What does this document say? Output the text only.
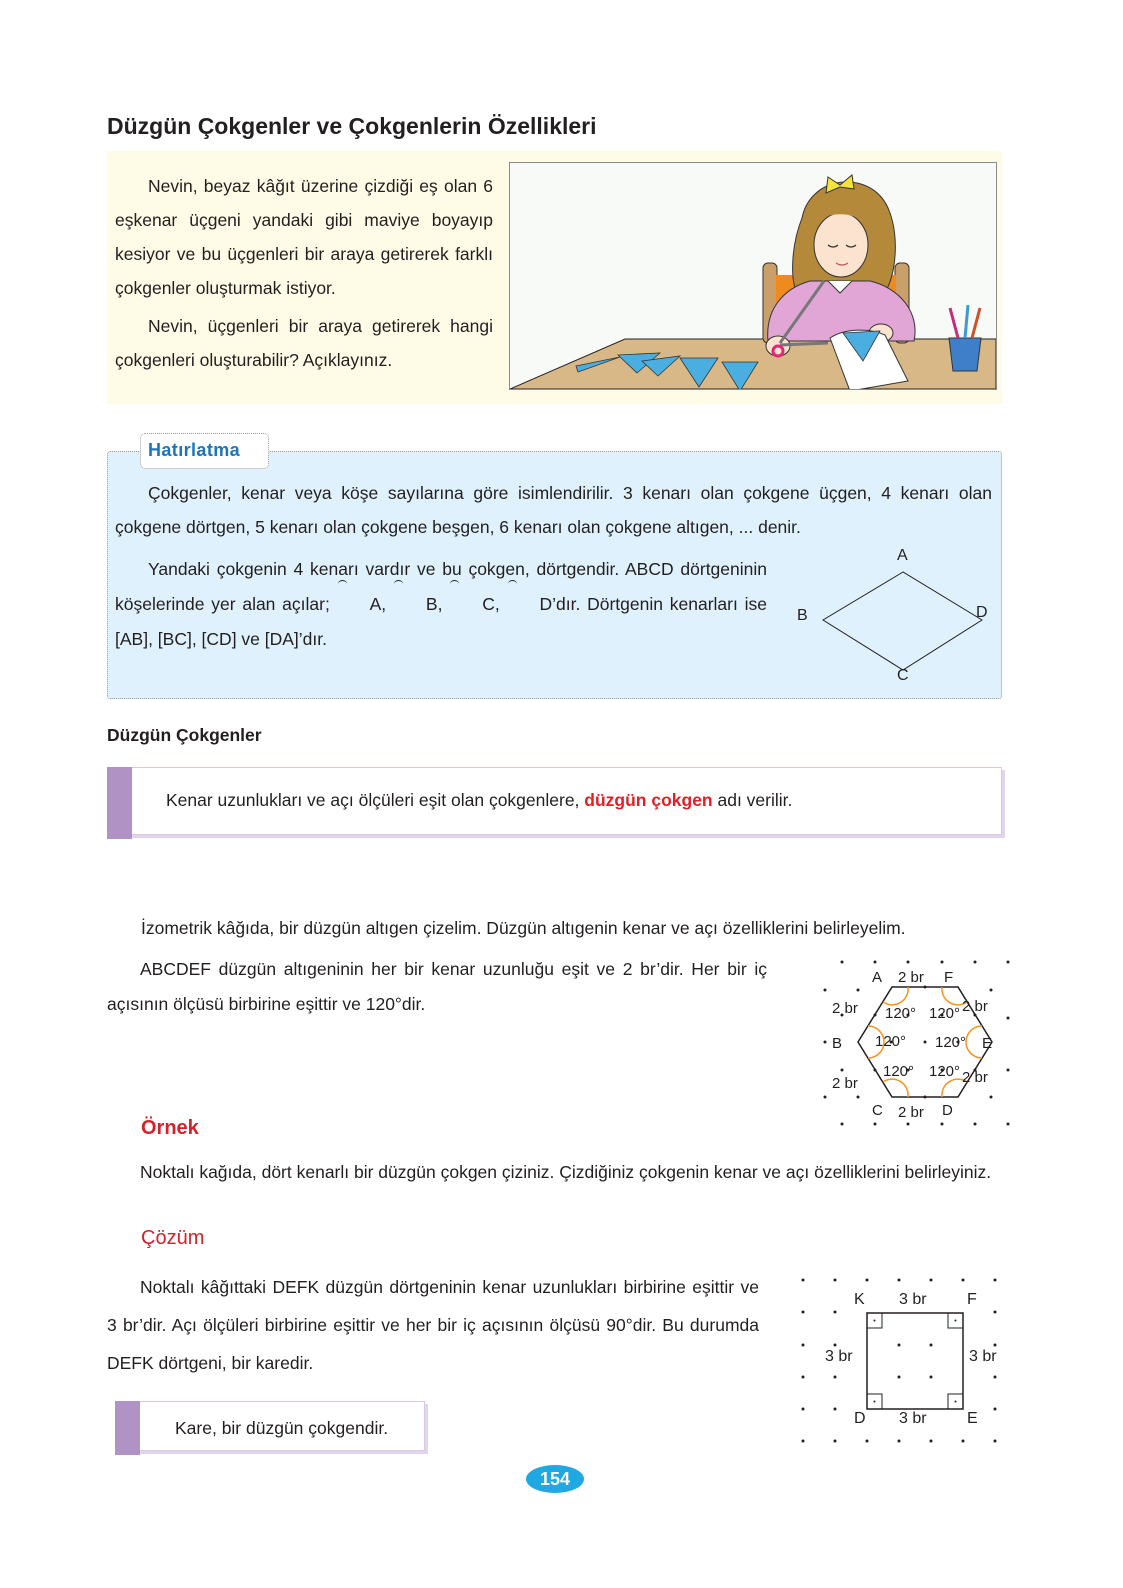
Düzgün Çokgenler ve Çokgenlerin Özellikleri
Nevin, beyaz kâğıt üzerine çizdiği eş olan 6 eşkenar üçgeni yandaki gibi maviye boyayıp kesiyor ve bu üçgenleri bir araya getirerek farklı çokgenler oluşturmak istiyor.
Nevin, üçgenleri bir araya getirerek hangi çokgenleri oluşturabilir? Açıklayınız.
Hatırlatma
Çokgenler, kenar veya köşe sayılarına göre isimlendirilir. 3 kenarı olan çokgene üçgen, 4 kenarı olan çokgene dörtgen, 5 kenarı olan çokgene beşgen, 6 kenarı olan çokgene altıgen, ... denir.
Yandaki çokgenin 4 kenarı vardır ve bu çokgen, dörtgendir. ABCD dörtgeninin köşelerinde yer alan açılar; A, B, C, D’dır. Dörtgenin kenarları ise [AB], [BC], [CD] ve [DA]’dır.
A
B
C
D
Düzgün Çokgenler
Kenar uzunlukları ve açı ölçüleri eşit olan çokgenlere, düzgün çokgen adı verilir.
İzometrik kâğıda, bir düzgün altıgen çizelim. Düzgün altıgenin kenar ve açı özelliklerini belirleyelim.
ABCDEF düzgün altıgeninin her bir kenar uzunluğu eşit ve 2 br’dir. Her bir iç açısının ölçüsü birbirine eşittir ve 120°dir.
A 2 br F
2 br	2 br
B	E
2 br	2 br
C 2 br D
120° 120°
120° 120°
120° 120°
Örnek
Noktalı kağıda, dört kenarlı bir düzgün çokgen çiziniz. Çizdiğiniz çokgenin kenar ve açı özelliklerini belirleyiniz.
Çözüm
Noktalı kâğıttaki DEFK düzgün dörtgeninin kenar uzunlukları birbirine eşittir ve 3 br’dir. Açı ölçüleri birbirine eşittir ve her bir iç açısının ölçüsü 90°dir. Bu durumda DEFK dörtgeni, bir karedir.
K 3 br	F
3 br	3 br
D 3 br	E
Kare, bir düzgün çokgendir.
154
